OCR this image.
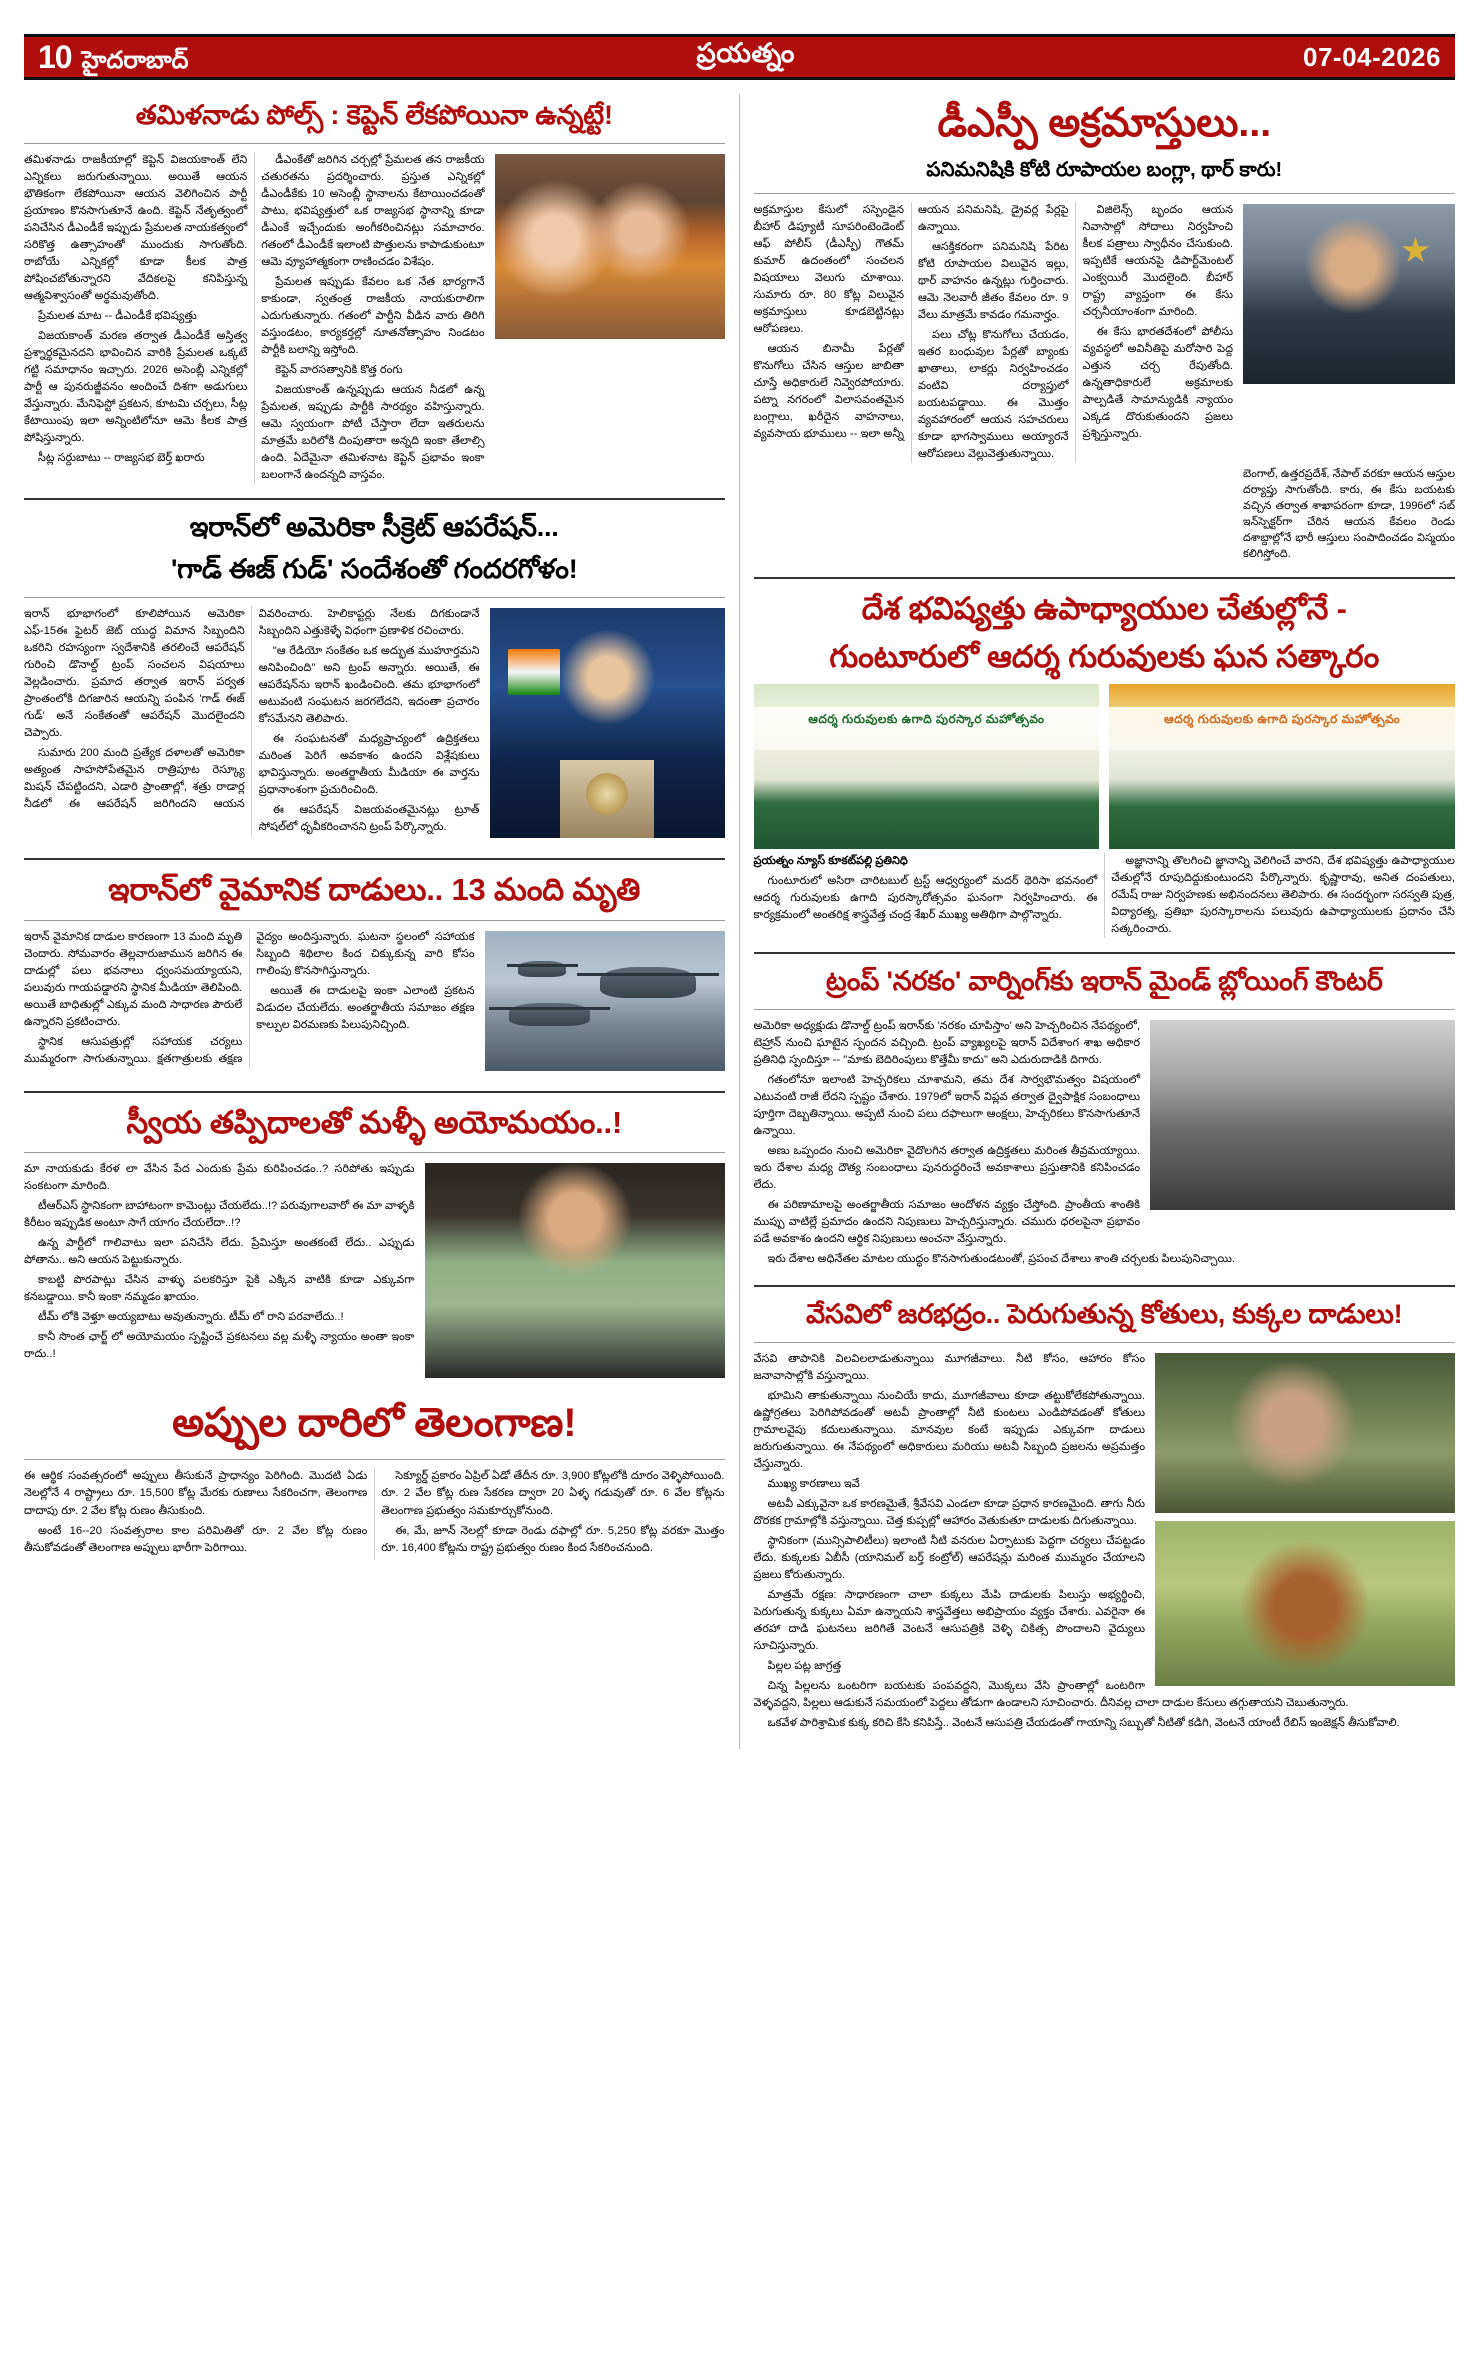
10 హైదరాబాద్	ప్రయత్నం	07-04-2026
తమిళనాడు పోల్స్ : కెప్టెన్ లేకపోయినా ఉన్నట్టే!

తమిళనాడు రాజకీయాల్లో కెప్టెన్ విజయకాంత్ లేని ఎన్నికలు జరుగుతున్నాయి. అయితే ఆయన భౌతికంగా లేకపోయినా ఆయన వెలిగించిన పార్టీ ప్రయాణం కొనసాగుతూనే ఉంది. కెప్టెన్ నేతృత్వంలో పనిచేసిన డీఎండీకే ఇప్పుడు ప్రేమలత నాయకత్వంలో సరికొత్త ఉత్సాహంతో ముందుకు సాగుతోంది. రాబోయే ఎన్నికల్లో కూడా కీలక పాత్ర పోషించబోతున్నారని వేదికలపై కనిపిస్తున్న ఆత్మవిశ్వాసంతో అర్థమవుతోంది.

ప్రేమలత మాట -- డీఎండీకే భవిష్యత్తు

విజయకాంత్ మరణ తర్వాత డీఎండీకే అస్తిత్వ ప్రశ్నార్థకమైనదని భావించిన వారికి ప్రేమలత ఒక్కటే గట్టి సమాధానం ఇచ్చారు. 2026 అసెంబ్లీ ఎన్నికల్లో పార్టీ ఆ పునరుజ్జీవనం అందించే దిశగా అడుగులు వేస్తున్నారు. మేనిఫెస్టో ప్రకటన, కూటమి చర్చలు, సీట్ల కేటాయింపు ఇలా అన్నింటిలోనూ ఆమె కీలక పాత్ర పోషిస్తున్నారు.

సీట్ల సర్దుబాటు -- రాజ్యసభ బెర్త్ ఖరారు

డీఎంకేతో జరిగిన చర్చల్లో ప్రేమలత తన రాజకీయ చతురతను ప్రదర్శించారు. ప్రస్తుత ఎన్నికల్లో డీఎండీకేకు 10 అసెంబ్లీ స్థానాలను కేటాయించడంతో పాటు, భవిష్యత్తులో ఒక రాజ్యసభ స్థానాన్ని కూడా డీఎంకే ఇచ్చేందుకు అంగీకరించినట్లు సమాచారం. గతంలో డీఎండీకే ఇలాంటి పొత్తులను కాపాడుకుంటూ ఆమె వ్యూహాత్మకంగా రాణించడం విశేషం.

ప్రేమలత ఇప్పుడు కేవలం ఒక నేత భార్యగానే కాకుండా, స్వతంత్ర రాజకీయ నాయకురాలిగా ఎదుగుతున్నారు. గతంలో పార్టీని వీడిన వారు తిరిగి వస్తుండటం, కార్యకర్తల్లో నూతనోత్సాహం నిండటం పార్టీకి బలాన్ని ఇస్తోంది.

కెప్టెన్ వారసత్వానికి కొత్త రంగు

విజయకాంత్ ఉన్నప్పుడు ఆయన నీడలో ఉన్న ప్రేమలత, ఇప్పుడు పార్టీకి సారథ్యం వహిస్తున్నారు. ఆమె స్వయంగా పోటీ చేస్తారా లేదా ఇతరులను మాత్రమే బరిలోకి దింపుతారా అన్నది ఇంకా తేలాల్సి ఉంది. ఏదేమైనా తమిళనాట కెప్టెన్ ప్రభావం ఇంకా బలంగానే ఉందన్నది వాస్తవం.

ఇరాన్‌లో అమెరికా సీక్రెట్ ఆపరేషన్...
'గాడ్ ఈజ్ గుడ్' సందేశంతో గందరగోళం!

ఇరాన్ భూభాగంలో కూలిపోయిన అమెరికా ఎఫ్-15ఈ ఫైటర్ జెట్ యుద్ధ విమాన సిబ్బందిని ఒకరిని రహస్యంగా స్వదేశానికి తరలించే ఆపరేషన్ గురించి డొనాల్డ్ ట్రంప్ సంచలన విషయాలు వెల్లడించారు. ప్రమాద తర్వాత ఇరాన్ పర్వత ప్రాంతంలోకి దిగజారిన ఆయన్ని పంపిన 'గాడ్ ఈజ్ గుడ్' అనే సంకేతంతో ఆపరేషన్ మొదలైందని చెప్పారు.

సుమారు 200 మంది ప్రత్యేక దళాలతో అమెరికా అత్యంత సాహసోపేతమైన రాత్రిపూట రెస్క్యూ మిషన్ చేపట్టిందని, ఎడారి ప్రాంతాల్లో, శత్రు రాడార్ల నీడలో ఈ ఆపరేషన్ జరిగిందని ఆయన వివరించారు. హెలికాప్టర్లు నేలకు దిగకుండానే సిబ్బందిని ఎత్తుకెళ్ళే విధంగా ప్రణాళిక రచించారు.

"ఆ రేడియో సంకేతం ఒక అద్భుత ముహూర్తమని అనిపించింది" అని ట్రంప్ అన్నారు. అయితే, ఈ ఆపరేషన్‌ను ఇరాన్ ఖండించింది. తమ భూభాగంలో అటువంటి సంఘటన జరగలేదని, ఇదంతా ప్రచారం కోసమేనని తెలిపారు.

ఈ సంఘటనతో మధ్యప్రాచ్యంలో ఉద్రిక్తతలు మరింత పెరిగే అవకాశం ఉందని విశ్లేషకులు భావిస్తున్నారు. అంతర్జాతీయ మీడియా ఈ వార్తను ప్రధానాంశంగా ప్రచురించింది.

ఈ ఆపరేషన్ విజయవంతమైనట్లు ట్రూత్ సోషల్‌లో ధృవీకరించానని ట్రంప్ పేర్కొన్నారు.

ఇరాన్‌లో వైమానిక దాడులు.. 13 మంది మృతి

ఇరాన్ వైమానిక దాడుల కారణంగా 13 మంది మృతి చెందారు. సోమవారం తెల్లవారుజామున జరిగిన ఈ దాడుల్లో పలు భవనాలు ధ్వంసమయ్యాయని, పలువురు గాయపడ్డారని స్థానిక మీడియా తెలిపింది. అయితే బాధితుల్లో ఎక్కువ మంది సాధారణ పౌరులే ఉన్నారని ప్రకటించారు.

స్థానిక ఆసుపత్రుల్లో సహాయక చర్యలు ముమ్మరంగా సాగుతున్నాయి. క్షతగాత్రులకు తక్షణ వైద్యం అందిస్తున్నారు. ఘటనా స్థలంలో సహాయక సిబ్బంది శిథిలాల కింద చిక్కుకున్న వారి కోసం గాలింపు కొనసాగిస్తున్నారు.

అయితే ఈ దాడులపై ఇంకా ఎలాంటి ప్రకటన విడుదల చేయలేదు. అంతర్జాతీయ సమాజం తక్షణ కాల్పుల విరమణకు పిలుపునిచ్చింది.

స్వీయ తప్పిదాలతో మళ్ళీ అయోమయం..!

మా నాయకుడు కేరళ లా వేసిన పేద ఎందుకు ప్రేమ కురిపించడం..? సరిపోతు ఇప్పుడు సంకటంగా మారింది.

టీఆర్ఎస్ స్థానికంగా బాహాటంగా కామెంట్లు చేయలేదు..!? పరువుగాలవారో ఈ మా వాళ్ళకి కిరీటం ఇప్పుడిక అంటూ సాగే యాగం చేయలేదా..!?

ఉన్న పార్టీలో గాలివాటు ఇలా పనిచేసి లేదు. ప్రేమిస్తూ అంతకంటే లేదు.. ఎప్పుడు పోతాను.. అని ఆయన పెట్టుకున్నారు.

కాబట్టి పొరపాట్లు చేసిన వాళ్ళు పలకరిస్తూ పైకి ఎక్కిన వాటికి కూడా ఎక్కువగా కనబడ్డాయి. కానీ ఇంకా నమ్మడం ఖాయం.

టీమ్ లోకి వెళ్తూ అయ్యబాటు అవుతున్నారు. టీమ్ లో రాని పరవాలేదు..!

కానీ సొంత ఛార్జ్ లో అయోమయం స్పష్టించే ప్రకటనలు వల్ల మళ్ళీ న్యాయం అంతా ఇంకా రాదు..!

అప్పుల దారిలో తెలంగాణ!

ఈ ఆర్థిక సంవత్సరంలో అప్పులు తీసుకునే ప్రాధాన్యం పెరిగింది. మొదటి ఏడు నెలల్లోనే 4 రాష్ట్రాలు రూ. 15,500 కోట్ల మేరకు రుణాలు సేకరించగా, తెలంగాణ దాదాపు రూ. 2 వేల కోట్ల రుణం తీసుకుంది.

అంటే 16--20 సంవత్సరాల కాల పరిమితితో రూ. 2 వేల కోట్ల రుణం తీసుకోవడంతో తెలంగాణ అప్పులు భారీగా పెరిగాయి.

సెక్యూర్డ్ ప్రకారం ఏప్రిల్ ఏడో తేదీన రూ. 3,900 కోట్లలోకి దూరం వెళ్ళిపోయింది. రూ. 2 వేల కోట్ల రుణ సేకరణ ద్వారా 20 ఏళ్ళ గడువుతో రూ. 6 వేల కోట్లను తెలంగాణ ప్రభుత్వం సమకూర్చుకోనుంది.

ఈ, మే, జూన్ నెలల్లో కూడా రెండు దఫాల్లో రూ. 5,250 కోట్ల వరకూ మొత్తం రూ. 16,400 కోట్లను రాష్ట్ర ప్రభుత్వం రుణం కింద సేకరించనుంది.

డీఎస్పీ అక్రమాస్తులు...
పనిమనిషికి కోటి రూపాయల బంగ్లా, థార్ కారు!

అక్రమాస్తుల కేసులో సస్పెండైన బీహార్ డిప్యూటీ సూపరింటెండెంట్ ఆఫ్ పోలీస్ (డీఎస్పీ) గౌతమ్ కుమార్ ఉదంతంలో సంచలన విషయాలు వెలుగు చూశాయి. సుమారు రూ. 80 కోట్ల విలువైన అక్రమాస్తులు కూడబెట్టినట్లు ఆరోపణలు.

ఆయన బినామీ పేర్లతో కొనుగోలు చేసిన ఆస్తుల జాబితా చూస్తే అధికారులే నివ్వెరపోయారు. పట్నా నగరంలో విలాసవంతమైన బంగ్లాలు, ఖరీదైన వాహనాలు, వ్యవసాయ భూములు -- ఇలా అన్నీ ఆయన పనిమనిషి, డ్రైవర్ల పేర్లపై ఉన్నాయి.

ఆసక్తికరంగా పనిమనిషి పేరిట కోటి రూపాయల విలువైన ఇల్లు, థార్ వాహనం ఉన్నట్లు గుర్తించారు. ఆమె నెలవారీ జీతం కేవలం రూ. 9 వేలు మాత్రమే కావడం గమనార్హం.

పలు చోట్ల కొనుగోలు చేయడం, ఇతర బంధువుల పేర్లతో బ్యాంకు ఖాతాలు, లాకర్లు నిర్వహించడం వంటివి దర్యాప్తులో బయటపడ్డాయి. ఈ మొత్తం వ్యవహారంలో ఆయన సహచరులు కూడా భాగస్వాములు అయ్యారనే ఆరోపణలు వెల్లువెత్తుతున్నాయి.

విజిలెన్స్ బృందం ఆయన నివాసాల్లో సోదాలు నిర్వహించి కీలక పత్రాలు స్వాధీనం చేసుకుంది. ఇప్పటికే ఆయనపై డిపార్ట్‌మెంటల్ ఎంక్వయిరీ మొదలైంది. బీహార్ రాష్ట్ర వ్యాప్తంగా ఈ కేసు చర్చనీయాంశంగా మారింది.

ఈ కేసు భారతదేశంలో పోలీసు వ్యవస్థలో అవినీతిపై మరోసారి పెద్ద ఎత్తున చర్చ రేపుతోంది. ఉన్నతాధికారులే అక్రమాలకు పాల్పడితే సామాన్యుడికి న్యాయం ఎక్కడ దొరుకుతుందని ప్రజలు ప్రశ్నిస్తున్నారు.

బెంగాల్, ఉత్తరప్రదేశ్, నేపాల్ వరకూ ఆయన ఆస్తుల దర్యాప్తు సాగుతోంది. కారు, ఈ కేసు బయటకు వచ్చిన తర్వాత శాఖాపరంగా కూడా, 1996లో సబ్ ఇన్‌స్పెక్టర్‌గా చేరిన ఆయన కేవలం రెండు దశాబ్దాల్లోనే భారీ ఆస్తులు సంపాదించడం విస్మయం కలిగిస్తోంది.

దేశ భవిష్యత్తు ఉపాధ్యాయుల చేతుల్లోనే -
గుంటూరులో ఆదర్శ గురువులకు ఘన సత్కారం
ఆదర్శ గురువులకు ఉగాది పురస్కార మహోత్సవం	ఆదర్శ గురువులకు ఉగాది పురస్కార మహోత్సవం

ప్రయత్నం న్యూస్ కూకట్‌పల్లి ప్రతినిధి

గుంటూరులో అసిరా చారిటబుల్ ట్రస్ట్ ఆధ్వర్యంలో మదర్ థెరిసా భవనంలో ఆదర్శ గురువులకు ఉగాది పురస్కారోత్సవం ఘనంగా నిర్వహించారు. ఈ కార్యక్రమంలో అంతరిక్ష శాస్త్రవేత్త చంద్ర శేఖర్ ముఖ్య అతిథిగా పాల్గొన్నారు.

అజ్ఞానాన్ని తొలగించి జ్ఞానాన్ని వెలిగించే వారని, దేశ భవిష్యత్తు ఉపాధ్యాయుల చేతుల్లోనే రూపుదిద్దుకుంటుందని పేర్కొన్నారు. కృష్ణారావు, అనిత దంపతులు, రమేష్ రాజు నిర్వహణకు అభినందనలు తెలిపారు. ఈ సందర్భంగా సరస్వతి పుత్ర, విద్యారత్న, ప్రతిభా పురస్కారాలను పలువురు ఉపాధ్యాయులకు ప్రదానం చేసి సత్కరించారు.

ట్రంప్ 'నరకం' వార్నింగ్‌కు ఇరాన్ మైండ్ బ్లోయింగ్ కౌంటర్

అమెరికా అధ్యక్షుడు డొనాల్డ్ ట్రంప్ ఇరాన్‌కు 'నరకం చూపిస్తాం' అని హెచ్చరించిన నేపథ్యంలో, టెహ్రాన్ నుంచి ఘాటైన స్పందన వచ్చింది. ట్రంప్ వ్యాఖ్యలపై ఇరాన్ విదేశాంగ శాఖ అధికార ప్రతినిధి స్పందిస్తూ -- "మాకు బెదిరింపులు కొత్తేమీ కాదు" అని ఎదురుదాడికి దిగారు.

గతంలోనూ ఇలాంటి హెచ్చరికలు చూశామని, తమ దేశ సార్వభౌమత్వం విషయంలో ఎటువంటి రాజీ లేదని స్పష్టం చేశారు. 1979లో ఇరాన్ విప్లవ తర్వాత ద్వైపాక్షిక సంబంధాలు పూర్తిగా దెబ్బతిన్నాయి. అప్పటి నుంచి పలు దఫాలుగా ఆంక్షలు, హెచ్చరికలు కొనసాగుతూనే ఉన్నాయి.

అణు ఒప్పందం నుంచి అమెరికా వైదొలగిన తర్వాత ఉద్రిక్తతలు మరింత తీవ్రమయ్యాయి. ఇరు దేశాల మధ్య దౌత్య సంబంధాలు పునరుద్ధరించే అవకాశాలు ప్రస్తుతానికి కనిపించడం లేదు.

ఈ పరిణామాలపై అంతర్జాతీయ సమాజం ఆందోళన వ్యక్తం చేస్తోంది. ప్రాంతీయ శాంతికి ముప్పు వాటిల్లే ప్రమాదం ఉందని నిపుణులు హెచ్చరిస్తున్నారు. చమురు ధరలపైనా ప్రభావం పడే అవకాశం ఉందని ఆర్థిక నిపుణులు అంచనా వేస్తున్నారు.

ఇరు దేశాల అధినేతల మాటల యుద్ధం కొనసాగుతుండటంతో, ప్రపంచ దేశాలు శాంతి చర్చలకు పిలుపునిచ్చాయి.

వేసవిలో జరభద్రం.. పెరుగుతున్న కోతులు, కుక్కల దాడులు!

వేసవి తాపానికి విలవిలలాడుతున్నాయి మూగజీవాలు. నీటి కోసం, ఆహారం కోసం జనావాసాల్లోకి వస్తున్నాయి.

భూమిని తాకుతున్నాయి నుంచియే కాదు, మూగజీవాలు కూడా తట్టుకోలేకపోతున్నాయి. ఉష్ణోగ్రతలు పెరిగిపోవడంతో అటవీ ప్రాంతాల్లో నీటి కుంటలు ఎండిపోవడంతో కోతులు గ్రామాలవైపు కదులుతున్నాయి. మానవుల కంటే ఇప్పుడు ఎక్కువగా దాడులు జరుగుతున్నాయి. ఈ నేపథ్యంలో అధికారులు మరియు అటవీ సిబ్బంది ప్రజలను అప్రమత్తం చేస్తున్నారు.

ముఖ్య కారణాలు ఇవే

అటవీ ఎక్కువైనా ఒక కారణమైతే, శ్రీవేసవి ఎండలా కూడా ప్రధాన కారణమైంది. తాగు నీరు దొరకక గ్రామాల్లోకి వస్తున్నాయి. చెత్త కుప్పల్లో ఆహారం వెతుకుతూ దాడులకు దిగుతున్నాయి.

స్థానికంగా (మున్సిపాలిటీలు) ఇలాంటి నీటి వనరుల ఏర్పాటుకు పెద్దగా చర్యలు చేపట్టడం లేదు. కుక్కలకు ఏబీసీ (యానిమల్ బర్త్ కంట్రోల్) ఆపరేషన్లు మరింత ముమ్మరం చేయాలని ప్రజలు కోరుతున్నారు.

మాత్రమే రక్షణ: సాధారణంగా చాలా కుక్కలు మేపి దాడులకు పిలుస్తు అభ్యర్థించి, పెరుగుతున్న కుక్కలు ఏమా ఉన్నాయని శాస్త్రవేత్తలు అభిప్రాయం వ్యక్తం చేశారు. ఎవరైనా ఈ తరహా దాడి ఘటనలు జరిగితే వెంటనే ఆసుపత్రికి వెళ్ళి చికిత్స పొందాలని వైద్యులు సూచిస్తున్నారు.

పిల్లల పట్ల జాగ్రత్త

చిన్న పిల్లలను ఒంటరిగా బయటకు పంపవద్దని, మొక్కలు వేసి ప్రాంతాల్లో ఒంటరిగా వెళ్ళవద్దని, పిల్లలు ఆడుకునే సమయంలో పెద్దలు తోడుగా ఉండాలని సూచించారు. దీనివల్ల చాలా దాడుల కేసులు తగ్గుతాయని చెబుతున్నారు.

ఒకవేళ పారిశ్రామిక కుక్క కరిచి కేసి కనిపిస్తే.. వెంటనే ఆసుపత్రి చేయడంతో గాయాన్ని సబ్బుతో నీటితో కడిగి, వెంటనే యాంటీ రేబిస్ ఇంజెక్షన్ తీసుకోవాలి.
